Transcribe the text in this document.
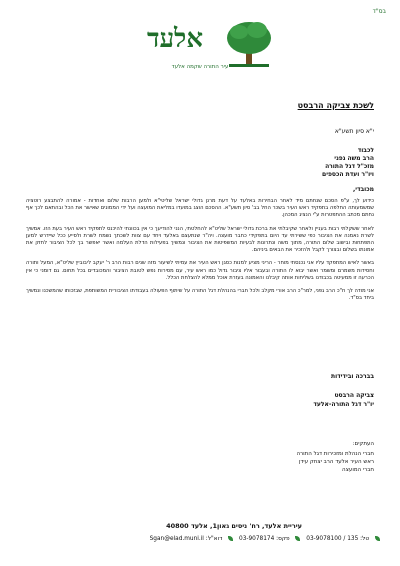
בס"ד
אלעד
עיר התורה שקמה אלעד
לשכת צביקה הרבסט
י"א סיון תשע"א
לכבוד
הרב משה גפני
מזכ"ל דגל התורה
ויו"ר ועדת הכספים
מכובדי,

כידוע לך, ע"פ הסכם שנחתם מיד לאחר הבחירות באלעד על דעת מרנן גדולי ישראל שליטי"א ולמען הרבות שלום ואחדות - אמורה להתבצע רוטציה שמשמעותה החלפה בתפקיד ראש העיר בשכר החל בב' סיון תשע"א. ההסכם הוצג במועדו במליאת המועצה ועל ידי הממונים שאישר את הכל ובהתאם לכך אף נחתם מכתב ההתפטרות ע"י הנציג המכהן.

לאחר ששקלתי רבות בעניין ולאחר שקיבלתי את ברכת גדולי ישראל שליט"א להחלטתי, הנני להודיעך כי אין בכוונתי להיכנס לתפקיד ראש העיר בעת הזו. אמשיך לשרת נאמנה את הציבור כפי ששירתי עד היום בתפקידי כחבר מועצה. ויה"ר שנתעצם באלעד ויחד עם צוות לשכתך נשמח לשרת ולסייע ככל שיידרש למען התפתחות ובישוב שלום התורה, מתוך משה ונתרונות לבעיות המשפיטות את הציבור ונמשיך בפעילות הדלת העלמה ואשר יאפשר בך לכל הציבור לחזק את אמונתו בשלום ובצורך לקבל ולהזכיר את הבאים ביניהם.

באשר לאיש המתפקד עליו אני נכנסתי מוחר - הריני מציע למנות כסגן ראש העיר את עמיתי לשיעור מזה שנים רבות הרב ר' יעקב ליבוביץ שליט"א, המעל ותורה וחסידות משמרם ומשמר ואשר יבוא לו התורה ובעבור אליו ציבור גדול כמו ראש עיר, עם מסירות נפש לטובת הציבור והמכובדים בכל תחום. גם דומני כי אין הכרעה זו ממעיטה בכבודנו בשליחות אותה קיבלנו והאמונה בעזרת אוכל ממלא להצלחת הכלל.

אני מודה לך ח"כ הרב גפני, למר"כ הרב אורי מקלב ולכל חברי בהנהלת דגל התורה על שיתוף הפעולה בעבודתו הציבורית המשותפת, שבזכותו שהמשכנו ונמשיך ביחד בס"ד.

בברכה ובידידות
צביקה הרבסט
יו"ר דגל התורה-אלעד
העתקים:
חברי הנהלת ומזכירות דגל התורה
ראש העיר אלעד הרב יצחק עידן
חברי המועצה
עיריית אלעד, רח' ניסים גאון1, אלעד 40800
טל: 135 / 03-9078100  פקס: 03-9078174  דוא"ל: Sgan@elad.muni.il
